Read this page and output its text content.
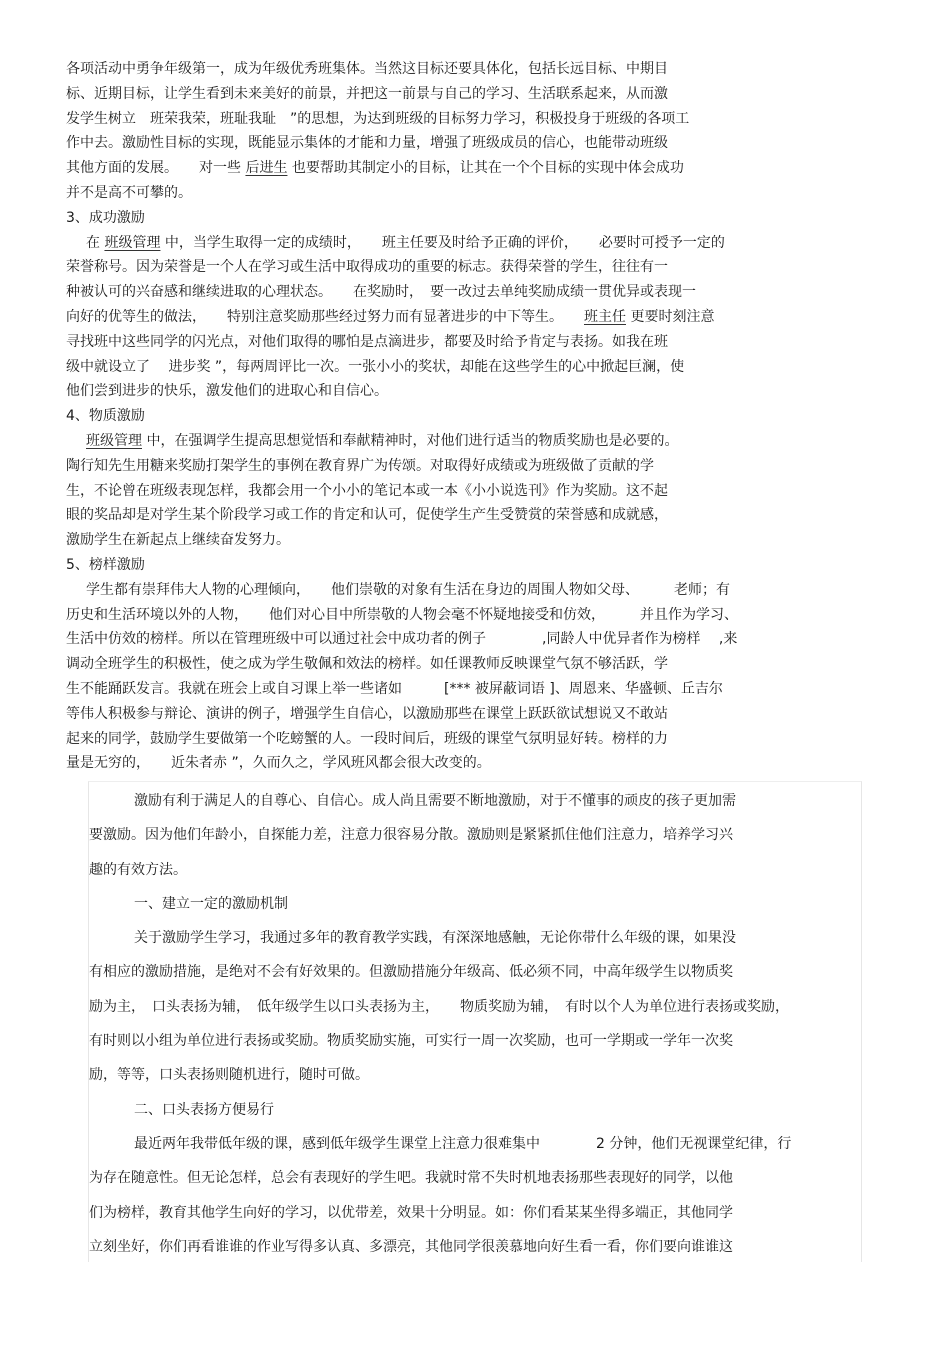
各项活动中勇争年级第一，成为年级优秀班集体。当然这目标还要具体化，包括长远目标、中期目
标、近期目标，让学生看到未来美好的前景，并把这一前景与自己的学习、生活联系起来，从而激
发学生树立　班荣我荣，班耻我耻　”的思想，为达到班级的目标努力学习，积极投身于班级的各项工
作中去。激励性目标的实现，既能显示集体的才能和力量，增强了班级成员的信心，也能带动班级
其他方面的发展。　　对一些 后进生 也要帮助其制定小的目标，让其在一个个目标的实现中体会成功
并不是高不可攀的。
3、成功激励
在 班级管理 中，当学生取得一定的成绩时，　　班主任要及时给予正确的评价，　　必要时可授予一定的
荣誉称号。因为荣誉是一个人在学习或生活中取得成功的重要的标志。获得荣誉的学生，往往有一
种被认可的兴奋感和继续进取的心理状态。　　在奖励时，　要一改过去单纯奖励成绩一贯优异或表现一
向好的优等生的做法，　　特别注意奖励那些经过努力而有显著进步的中下等生。　　班主任 更要时刻注意
寻找班中这些同学的闪光点，对他们取得的哪怕是点滴进步，都要及时给予肯定与表扬。如我在班
级中就设立了　 进步奖 ”，每两周评比一次。一张小小的奖状，却能在这些学生的心中掀起巨澜，使
他们尝到进步的快乐，激发他们的进取心和自信心。
4、物质激励
班级管理 中，在强调学生提高思想觉悟和奉献精神时，对他们进行适当的物质奖励也是必要的。
陶行知先生用糖来奖励打架学生的事例在教育界广为传颂。对取得好成绩或为班级做了贡献的学
生，不论曾在班级表现怎样，我都会用一个小小的笔记本或一本《小小说选刊》作为奖励。这不起
眼的奖品却是对学生某个阶段学习或工作的肯定和认可，促使学生产生受赞赏的荣誉感和成就感，
激励学生在新起点上继续奋发努力。
5、榜样激励
学生都有崇拜伟大人物的心理倾向，　　他们崇敬的对象有生活在身边的周围人物如父母、　　　老师；有
历史和生活环境以外的人物，　　他们对心目中所崇敬的人物会毫不怀疑地接受和仿效，　　　并且作为学习、
生活中仿效的榜样。所以在管理班级中可以通过社会中成功者的例子　　　　,同龄人中优异者作为榜样　 ,来
调动全班学生的积极性，使之成为学生敬佩和效法的榜样。如任课教师反映课堂气氛不够活跃，学
生不能踊跃发言。我就在班会上或自习课上举一些诸如　　　[*** 被屏蔽词语 ]、周恩来、华盛顿、丘吉尔
等伟人积极参与辩论、演讲的例子，增强学生自信心，以激励那些在课堂上跃跃欲试想说又不敢站
起来的同学，鼓励学生要做第一个吃螃蟹的人。一段时间后，班级的课堂气氛明显好转。榜样的力
量是无穷的，　　近朱者赤 ”，久而久之，学风班风都会很大改变的。
激励有利于满足人的自尊心、自信心。成人尚且需要不断地激励，对于不懂事的顽皮的孩子更加需
要激励。因为他们年龄小，自探能力差，注意力很容易分散。激励则是紧紧抓住他们注意力，培养学习兴
趣的有效方法。
一、建立一定的激励机制
关于激励学生学习，我通过多年的教育教学实践，有深深地感触，无论你带什么年级的课，如果没
有相应的激励措施，是绝对不会有好效果的。但激励措施分年级高、低必须不同，中高年级学生以物质奖
励为主，　口头表扬为辅，　低年级学生以口头表扬为主，　　物质奖励为辅，　有时以个人为单位进行表扬或奖励，
有时则以小组为单位进行表扬或奖励。物质奖励实施，可实行一周一次奖励，也可一学期或一学年一次奖
励，等等，口头表扬则随机进行，随时可做。
二、口头表扬方便易行
最近两年我带低年级的课，感到低年级学生课堂上注意力很难集中　　　　2 分钟，他们无视课堂纪律，行
为存在随意性。但无论怎样，总会有表现好的学生吧。我就时常不失时机地表扬那些表现好的同学，以他
们为榜样，教育其他学生向好的学习，以优带差，效果十分明显。如：你们看某某坐得多端正，其他同学
立刻坐好，你们再看谁谁的作业写得多认真、多漂亮，其他同学很羡慕地向好生看一看，你们要向谁谁这
